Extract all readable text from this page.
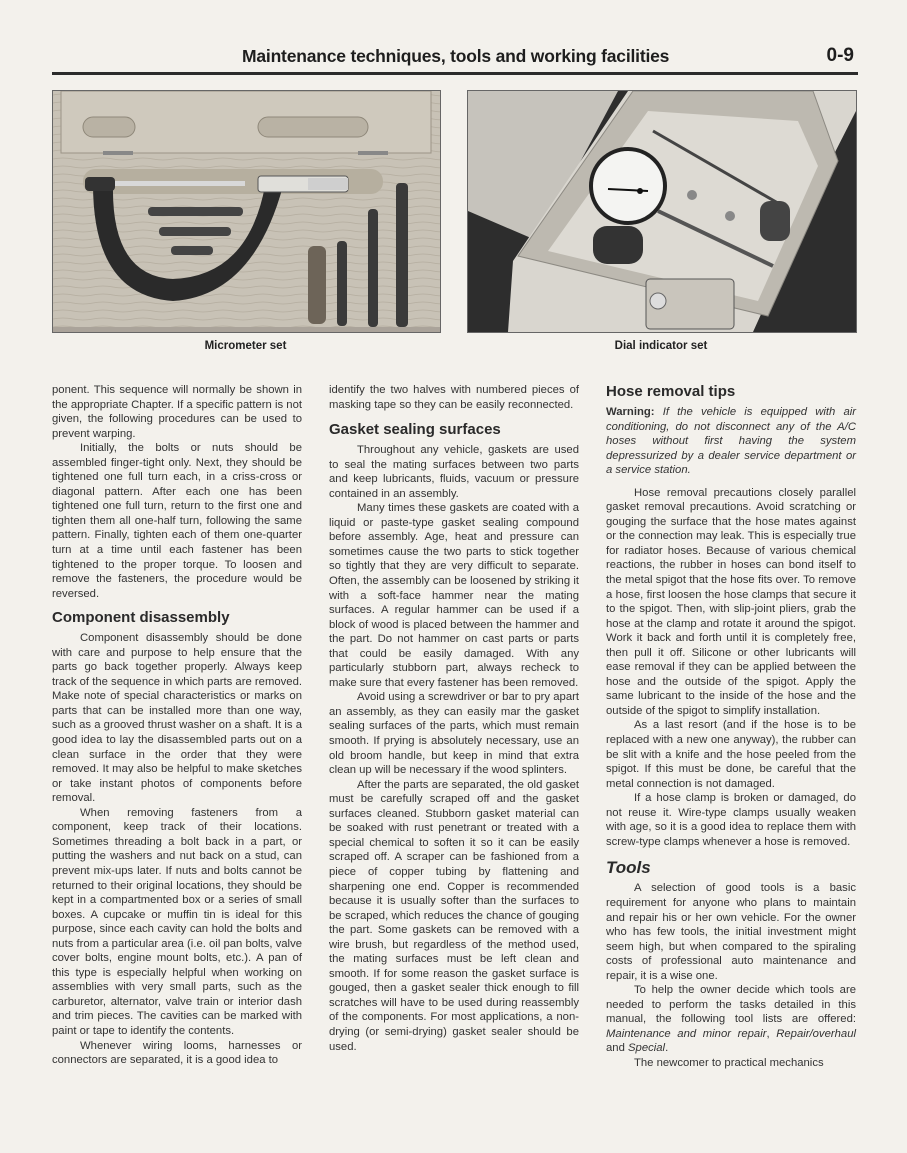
Maintenance techniques, tools and working facilities	0-9
Micrometer set	Dial indicator set

ponent. This sequence will normally be shown in the appropriate Chapter. If a specific pattern is not given, the following procedures can be used to prevent warping.

Initially, the bolts or nuts should be assembled finger-tight only. Next, they should be tightened one full turn each, in a criss-cross or diagonal pattern. After each one has been tightened one full turn, return to the first one and tighten them all one-half turn, following the same pattern. Finally, tighten each of them one-quarter turn at a time until each fastener has been tightened to the proper torque. To loosen and remove the fasteners, the procedure would be reversed.

Component disassembly

Component disassembly should be done with care and purpose to help ensure that the parts go back together properly. Always keep track of the sequence in which parts are removed. Make note of special characteristics or marks on parts that can be installed more than one way, such as a grooved thrust washer on a shaft. It is a good idea to lay the disassembled parts out on a clean surface in the order that they were removed. It may also be helpful to make sketches or take instant photos of components before removal.

When removing fasteners from a component, keep track of their locations. Sometimes threading a bolt back in a part, or putting the washers and nut back on a stud, can prevent mix-ups later. If nuts and bolts cannot be returned to their original locations, they should be kept in a compartmented box or a series of small boxes. A cupcake or muffin tin is ideal for this purpose, since each cavity can hold the bolts and nuts from a particular area (i.e. oil pan bolts, valve cover bolts, engine mount bolts, etc.). A pan of this type is especially helpful when working on assemblies with very small parts, such as the carburetor, alternator, valve train or interior dash and trim pieces. The cavities can be marked with paint or tape to identify the contents.

Whenever wiring looms, harnesses or connectors are separated, it is a good idea to

identify the two halves with numbered pieces of masking tape so they can be easily reconnected.

Gasket sealing surfaces

Throughout any vehicle, gaskets are used to seal the mating surfaces between two parts and keep lubricants, fluids, vacuum or pressure contained in an assembly.

Many times these gaskets are coated with a liquid or paste-type gasket sealing compound before assembly. Age, heat and pressure can sometimes cause the two parts to stick together so tightly that they are very difficult to separate. Often, the assembly can be loosened by striking it with a soft-face hammer near the mating surfaces. A regular hammer can be used if a block of wood is placed between the hammer and the part. Do not hammer on cast parts or parts that could be easily damaged. With any particularly stubborn part, always recheck to make sure that every fastener has been removed.

Avoid using a screwdriver or bar to pry apart an assembly, as they can easily mar the gasket sealing surfaces of the parts, which must remain smooth. If prying is absolutely necessary, use an old broom handle, but keep in mind that extra clean up will be necessary if the wood splinters.

After the parts are separated, the old gasket must be carefully scraped off and the gasket surfaces cleaned. Stubborn gasket material can be soaked with rust penetrant or treated with a special chemical to soften it so it can be easily scraped off. A scraper can be fashioned from a piece of copper tubing by flattening and sharpening one end. Copper is recommended because it is usually softer than the surfaces to be scraped, which reduces the chance of gouging the part. Some gaskets can be removed with a wire brush, but regardless of the method used, the mating surfaces must be left clean and smooth. If for some reason the gasket surface is gouged, then a gasket sealer thick enough to fill scratches will have to be used during reassembly of the components. For most applications, a non-drying (or semi-drying) gasket sealer should be used.

Hose removal tips

Warning: If the vehicle is equipped with air conditioning, do not disconnect any of the A/C hoses without first having the system depressurized by a dealer service department or a service station.

Hose removal precautions closely parallel gasket removal precautions. Avoid scratching or gouging the surface that the hose mates against or the connection may leak. This is especially true for radiator hoses. Because of various chemical reactions, the rubber in hoses can bond itself to the metal spigot that the hose fits over. To remove a hose, first loosen the hose clamps that secure it to the spigot. Then, with slip-joint pliers, grab the hose at the clamp and rotate it around the spigot. Work it back and forth until it is completely free, then pull it off. Silicone or other lubricants will ease removal if they can be applied between the hose and the outside of the spigot. Apply the same lubricant to the inside of the hose and the outside of the spigot to simplify installation.

As a last resort (and if the hose is to be replaced with a new one anyway), the rubber can be slit with a knife and the hose peeled from the spigot. If this must be done, be careful that the metal connection is not damaged.

If a hose clamp is broken or damaged, do not reuse it. Wire-type clamps usually weaken with age, so it is a good idea to replace them with screw-type clamps whenever a hose is removed.

Tools

A selection of good tools is a basic requirement for anyone who plans to maintain and repair his or her own vehicle. For the owner who has few tools, the initial investment might seem high, but when compared to the spiraling costs of professional auto maintenance and repair, it is a wise one.

To help the owner decide which tools are needed to perform the tasks detailed in this manual, the following tool lists are offered: Maintenance and minor repair, Repair/overhaul and Special.

The newcomer to practical mechanics
